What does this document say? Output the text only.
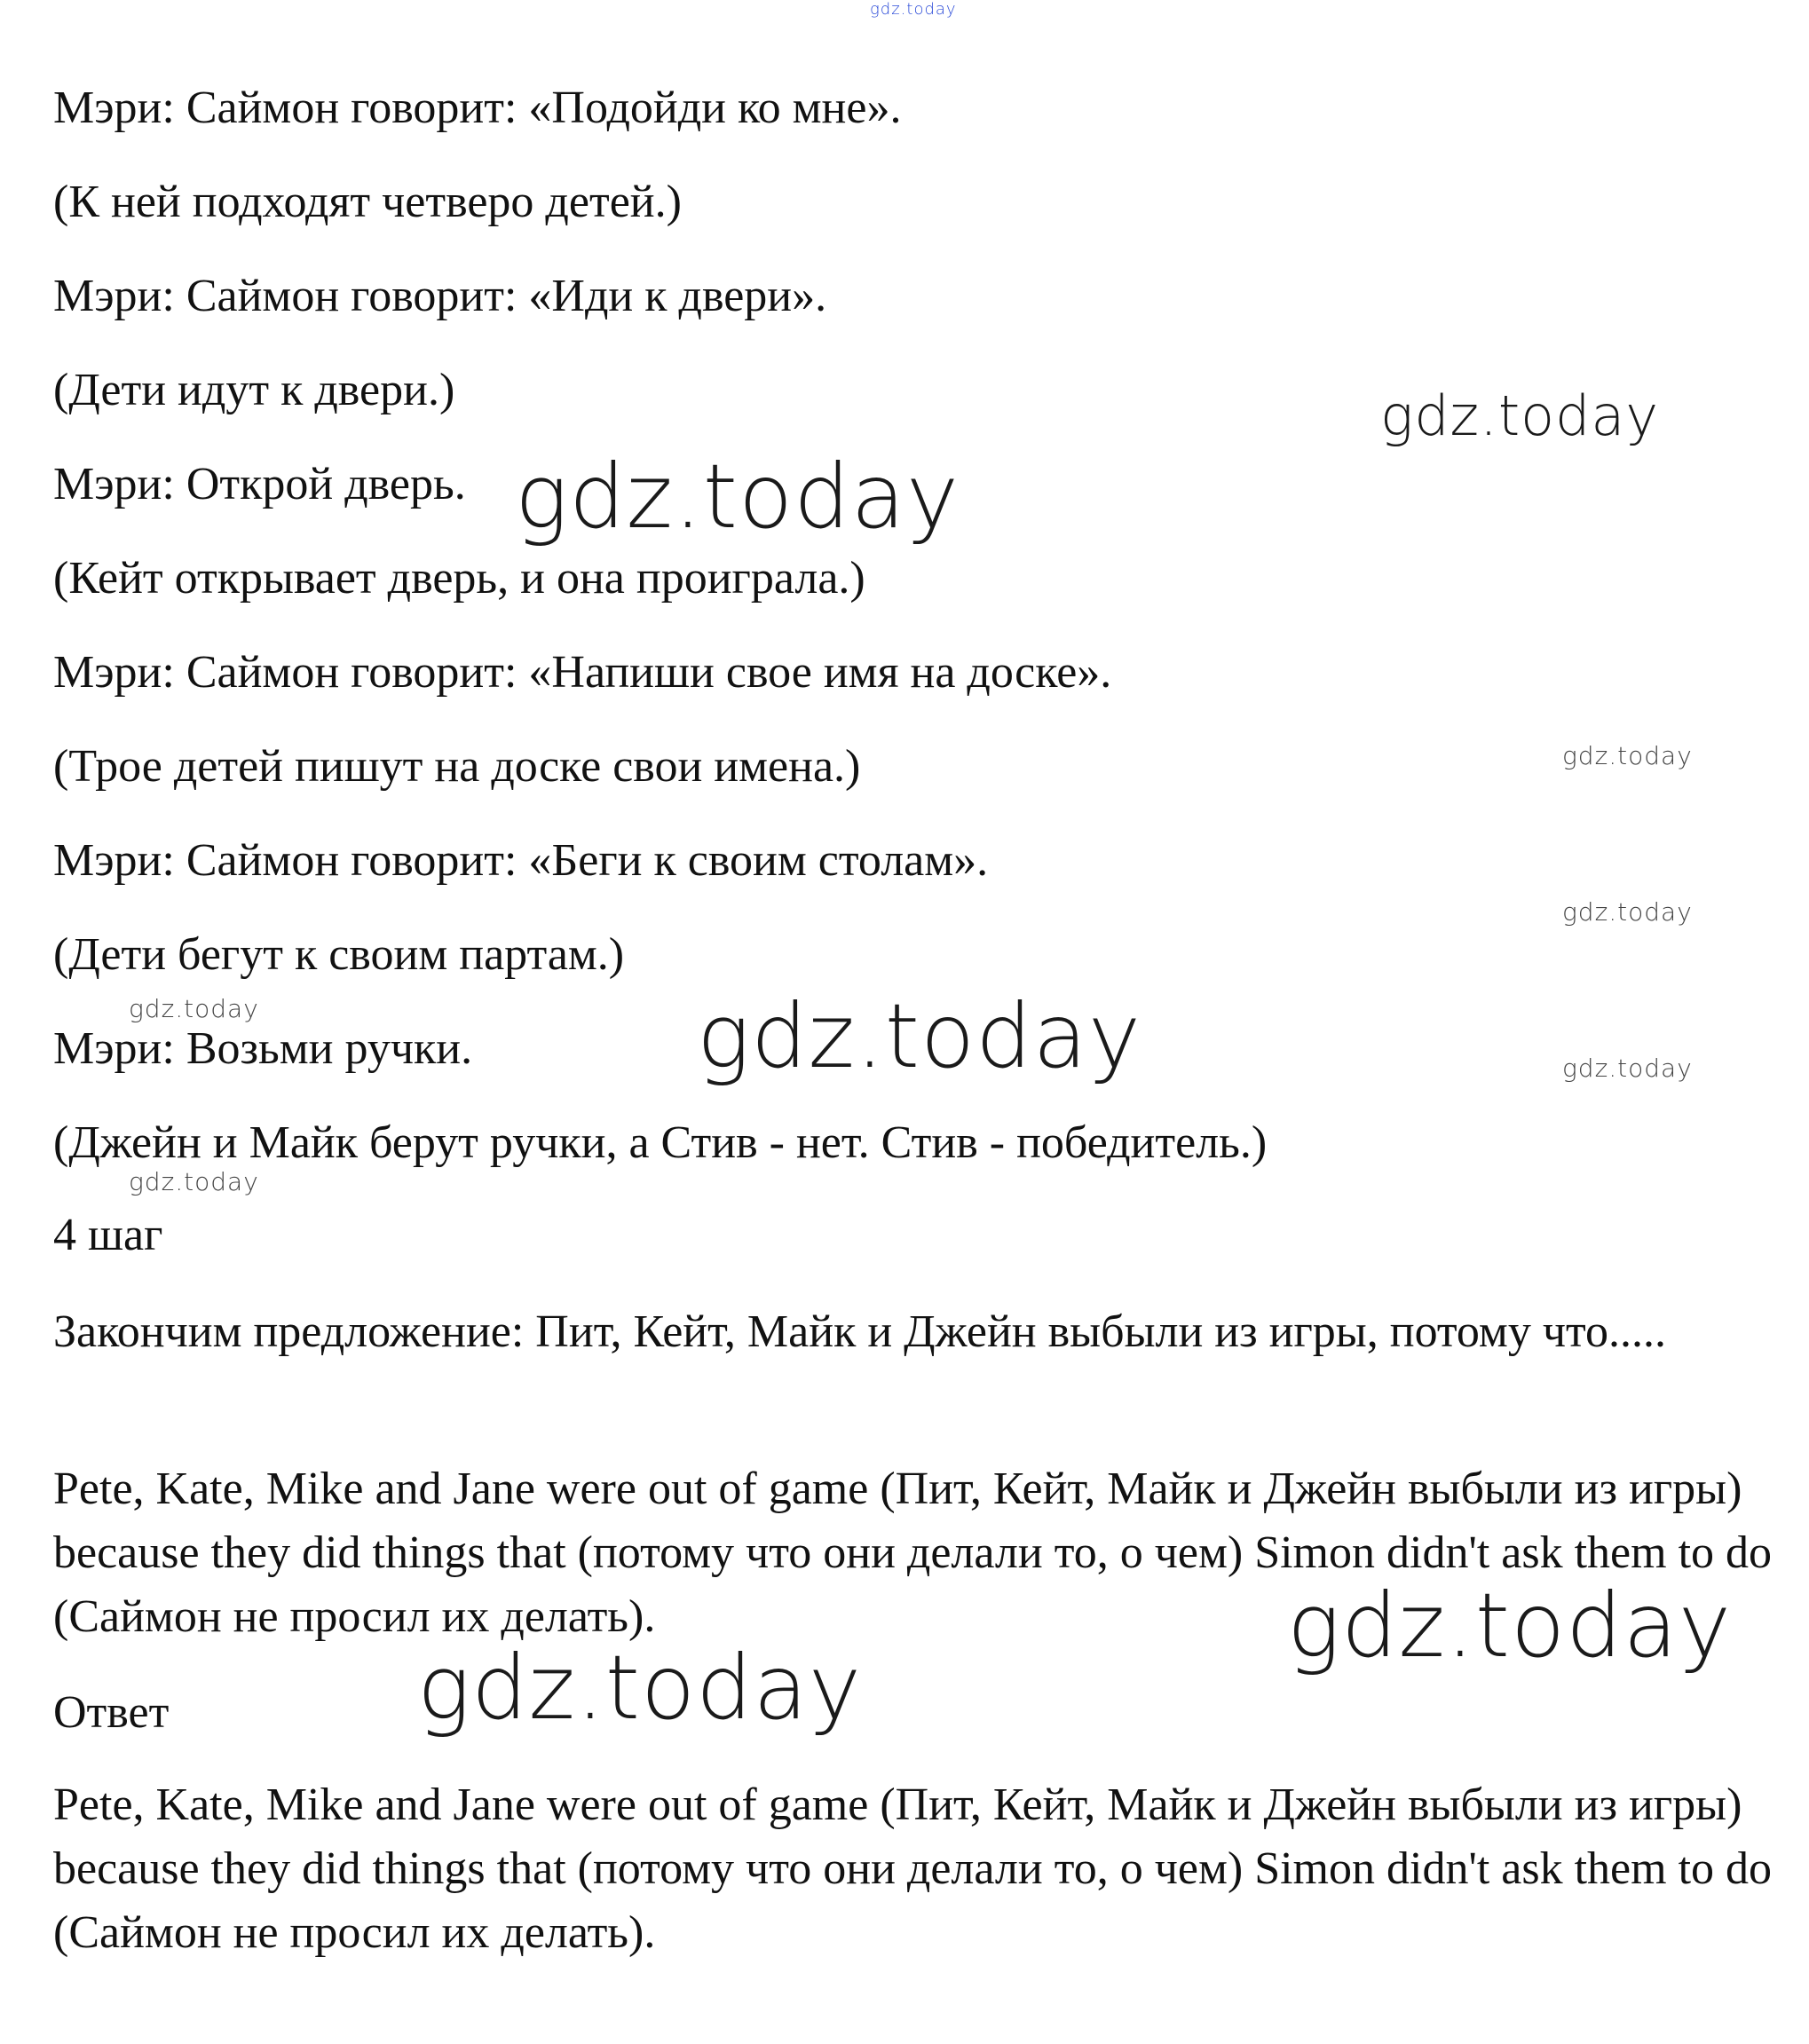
gdz.today

Мэри: Саймон говорит: «Подойди ко мне».

(К ней подходят четверо детей.)

Мэри: Саймон говорит: «Иди к двери».

(Дети идут к двери.)

Мэри: Открой дверь.

(Кейт открывает дверь, и она проиграла.)

Мэри: Саймон говорит: «Напиши свое имя на доске».

(Трое детей пишут на доске свои имена.)

Мэри: Саймон говорит: «Беги к своим столам».

(Дети бегут к своим партам.)

Мэри: Возьми ручки.

(Джейн и Майк берут ручки, а Стив - нет. Стив - победитель.)

4 шаг

Закончим предложение: Пит, Кейт, Майк и Джейн выбыли из игры, потому что.....

Pete, Kate, Mike and Jane were out of game (Пит, Кейт, Майк и Джейн выбыли из игры) because they did things that (потому что они делали то, о чем) Simon didn't ask them to do (Саймон не просил их делать).

Ответ

Pete, Kate, Mike and Jane were out of game (Пит, Кейт, Майк и Джейн выбыли из игры) because they did things that (потому что они делали то, о чем) Simon didn't ask them to do (Саймон не просил их делать).

gdz.today
gdz.today
gdz.today
gdz.today
gdz.today	gdz.today	gdz.today
gdz.today
gdz.today
gdz.today
